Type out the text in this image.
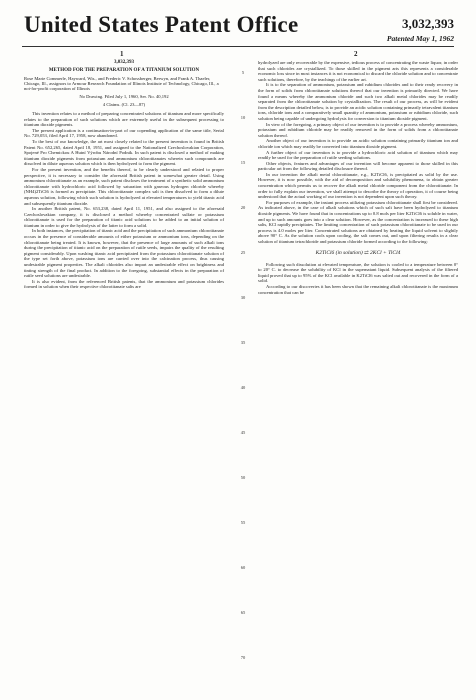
United States Patent Office	3,032,393
Patented May 1, 1962
1	2
3,032,393
METHOD FOR THE PREPARATION OF A TITANIUM SOLUTION
Rose Marie Commerle, Hayward, Wis., and Frederic V. Schossberger, Berwyn, and Frank A. Thaeler, Chicago, Ill., assignors to Armour Research Foundation of Illinois Institute of Technology, Chicago, Ill., a not-for-profit corporation of Illinois
No Drawing. Filed July 1, 1960, Ser. No. 40,192
4 Claims. (Cl. 23—87)

This invention relates to a method of preparing concentrated solutions of titanium and more specifically relates to the preparation of such solutions which are extremely useful in the subsequent processing to titanium dioxide pigments.

The present application is a continuation-in-part of our copending application of the same title, Serial No. 729,053, filed April 17, 1958, now abandoned.

To the best of our knowledge, the art most closely related to the present invention is found in British Patent No. 652,265, dated April 18, 1951, and assigned to the Nationalized Czechoslovakian Corporation, Spojené Pro Chemickou A Hutní Výrobu Národní Podnik. In such patent is disclosed a method of making titanium dioxide pigments from potassium and ammonium chlorotitanates wherein such compounds are dissolved in dilute aqueous solution which is then hydrolyzed to form the pigment.

For the present invention, and the benefits thereof, to be clearly understood and related to proper perspective, it is necessary to consider the aforesaid British patent in somewhat greater detail. Using ammonium chlorotitanate as an example, such patent discloses the treatment of a synthetic solid ammonium chlorotitanate with hydrochloric acid followed by saturation with gaseous hydrogen chloride whereby (NH4)2TiCl6 is formed as precipitate. This chlorotitanate complex salt is then dissolved to form a dilute aqueous solution, following which such solution is hydrolyzed at elevated temperatures to yield titanic acid and subsequently titanium dioxide.

In another British patent, No. 653,238, dated April 11, 1951, and also assigned to the aforesaid Czechoslovakian company, it is disclosed a method whereby concentrated sulfate or potassium chlorotitanate is used for the preparation of titanic acid solutions to be added to an initial solution of titanium in order to give the hydrolysis of the latter to form a solid.

In both instances, the precipitation of titanic acid and the precipitation of such ammonium chlorotitanate occurs in the presence of considerable amounts of either potassium or ammonium ions, depending on the chlorotitanate being treated. It is known, however, that the presence of large amounts of such alkali ions during the precipitation of titanic acid on the preparation of rutile seeds, impairs the quality of the resulting pigment considerably. Upon washing titanic acid precipitated from the potassium chlorotitanate solution of the type set forth above, potassium ions are carried over into the calcination process, thus causing undesirable pigment properties. The alkali chlorides also impart an undesirable effect on brightness and tinting strength of the final product. In addition to the foregoing, substantial effects in the preparation of rutile seed solutions are undesirable.

It is also evident, from the referenced British patents, that the ammonium and potassium chlorides formed in solution when their respective chlorotitanate salts are

5
10
15
20
25
30
35
40
45
50
55
60
65
70

hydrolyzed are only recoverable by the expensive, tedious process of concentrating the waste liquor, in order that such chlorides are crystallized. To those skilled in the pigment arts this represents a considerable economic loss since in most instances it is not economical to discard the chloride solution and to concentrate such solutions, therefore, by the teachings of the earlier art.

It is to the separation of ammonium, potassium and rubidium chlorides and to their ready recovery in the form of solids from chlorotitanate solutions thereof that our invention is primarily directed. We have found a means whereby the ammonium chloride and such two alkali metal chlorides may be readily separated from the chlorotitanate solution by crystallization. The result of our process, as will be evident from the description detailed below, is to provide an acidic solution containing primarily tetravalent titanium ions, chloride ions and a comparatively small quantity of ammonium, potassium or rubidium chloride, such solution being capable of undergoing hydrolysis for conversion to titanium dioxide pigment.

In view of the foregoing, a primary object of our invention is to provide a process whereby ammonium, potassium and rubidium chloride may be readily removed in the form of solids from a chlorotitanate solution thereof.

Another object of our invention is to provide an acidic solution containing primarily titanium ion and chloride ion which may readily be converted into titanium dioxide pigment.

A further object of our invention is to provide a hydrochloric acid solution of titanium which may readily be used for the preparation of rutile seeding solutions.

Other objects, features and advantages of our invention will become apparent to those skilled in this particular art from the following detailed disclosure thereof.

In our invention the alkali metal chlorotitanate, e.g., K2TiCl6, is precipitated as solid by the use. However, it is now possible, with the aid of decomposition and solubility phenomena, to obtain greater concentration which permits us to recover the alkali metal chloride component from the chlorotitanate. In order to fully explain our invention, we shall attempt to describe the theory of operation, it of course being understood that the actual working of our invention is not dependent upon such theory.

For purposes of example, the instant process utilizing potassium chlorotitanate shall first be considered. As indicated above, in the case of alkali solutions which of such salt have been hydrolyzed to titanium dioxide pigments. We have found that in concentrations up to 0.8 mols per liter K2TiCl6 is soluble in water, and up to such amounts goes into a clear solution. However, as the concentration is increased to these high salts, KCl rapidly precipitates. The limiting concentration of such potassium chlorotitanate to be used in our process is 4.0 moles per liter. Concentrated solutions are obtained by heating the liquid solvent to slightly above 90° C. As the solution cools upon cooling, the salt comes out, and upon filtering results in a clear solution of titanium tetrachloride and potassium chloride formed according to the following:

K2TiCl6 (in solution) ⇄ 2KCl + TiCl4

Following such dissolution at elevated temperature, the solution is cooled to a temperature between 0° to 20° C. to decrease the solubility of KCl in the supernatant liquid. Subsequent analysis of the filtered liquid proved that up to 95% of the KCl available in K2TiCl6 was salted out and recovered in the form of a solid.

According to our discoveries it has been shown that the remaining alkali chlorotitanate is the maximum concentration that can be
